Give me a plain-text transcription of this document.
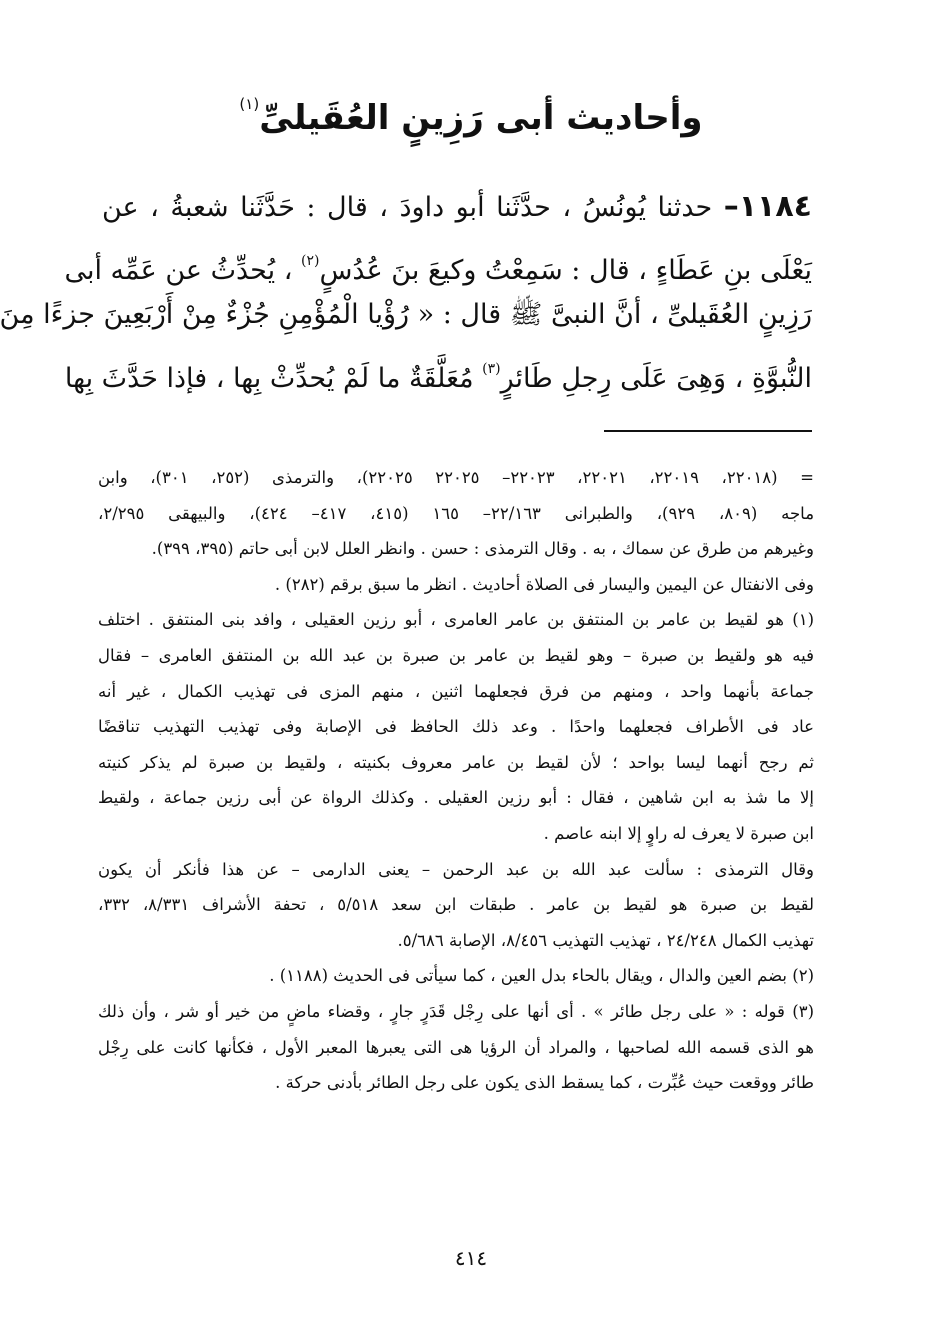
وأحاديث أبى رَزِينٍ العُقَيلىِّ$^{(١)}$
١١٨٤– حدثنا يُونُسُ ، حدَّثَنا أبو داودَ ، قال : حَدَّثَنا شعبةُ ، عن
يَعْلَى بنِ عَطَاءٍ ، قال : سَمِعْتُ وكيعَ بنَ عُدُسٍ$^{(٢)}$ ، يُحدِّثُ عن عَمِّه أبى
رَزِينٍ العُقَيلىِّ ، أنَّ النبىَّ ﷺ قال : « رُؤْيا الْمُؤْمِنِ جُزْءٌ مِنْ أَرْبَعِينَ جزءًا مِنَ
النُّبوَّةِ ، وَهِىَ عَلَى رِجلِ طَائرٍ$^{(٣)}$ مُعَلَّقَةٌ ما لَمْ يُحدِّثْ بِها ، فإذا حَدَّثَ بِها
= (٢٢٠١٨، ٢٢٠١٩، ٢٢٠٢١، ٢٢٠٢٣– ٢٢٠٢٥ ٢٢٠٢٥)، والترمذى (٢٥٢، ٣٠١)، وابن
ماجه (٨٠٩، ٩٢٩)، والطبرانى ٢٢/١٦٣– ١٦٥ (٤١٥، ٤١٧– ٤٢٤)، والبيهقى ٢/٢٩٥،
وغيرهم من طرق عن سماك ، به . وقال الترمذى : حسن . وانظر العلل لابن أبى حاتم (٣٩٥، ٣٩٩).
وفى الانفتال عن اليمين واليسار فى الصلاة أحاديث . انظر ما سبق برقم (٢٨٢) .
(١) هو لقيط بن عامر بن المنتفق بن عامر العامرى ، أبو رزين العقيلى ، وافد بنى المنتفق . اختلف
فيه هو ولقيط بن صبرة – وهو لقيط بن عامر بن صبرة بن عبد الله بن المنتفق العامرى – فقال
جماعة بأنهما واحد ، ومنهم من فرق فجعلهما اثنين ، منهم المزى فى تهذيب الكمال ، غير أنه
عاد فى الأطراف فجعلهما واحدًا . وعد ذلك الحافظ فى الإصابة وفى تهذيب التهذيب تناقضًا
ثم رجح أنهما ليسا بواحد ؛ لأن لقيط بن عامر معروف بكنيته ، ولقيط بن صبرة لم يذكر كنيته
إلا ما شذ به ابن شاهين ، فقال : أبو رزين العقيلى . وكذلك الرواة عن أبى رزين جماعة ، ولقيط
ابن صبرة لا يعرف له راوٍ إلا ابنه عاصم .
وقال الترمذى : سألت عبد الله بن عبد الرحمن – يعنى الدارمى – عن هذا فأنكر أن يكون
لقيط بن صبرة هو لقيط بن عامر . طبقات ابن سعد ٥/٥١٨ ، تحفة الأشراف ٨/٣٣١، ٣٣٢،
تهذيب الكمال ٢٤/٢٤٨ ، تهذيب التهذيب ٨/٤٥٦، الإصابة ٥/٦٨٦.
(٢) بضم العين والدال ، ويقال بالحاء بدل العين ، كما سيأتى فى الحديث (١١٨٨) .
(٣) قوله : « على رجل طائر » . أى أنها على رِجْل قَدَرٍ جارٍ ، وقضاء ماضٍ من خير أو شر ، وأن ذلك
هو الذى قسمه الله لصاحبها ، والمراد أن الرؤيا هى التى يعبرها المعبر الأول ، فكأنها كانت على رِجْل
طائر ووقعت حيث عُبِّرت ، كما يسقط الذى يكون على رجل الطائر بأدنى حركة .
٤١٤
